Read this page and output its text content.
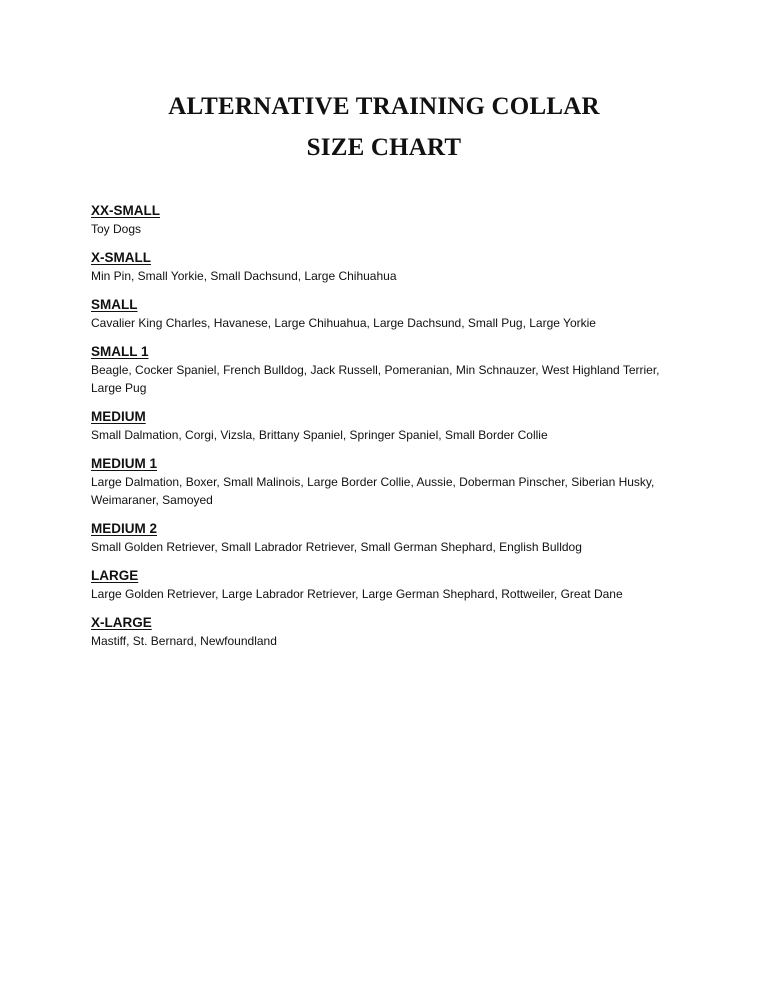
ALTERNATIVE TRAINING COLLAR
SIZE CHART
XX-SMALL
Toy Dogs
X-SMALL
Min Pin, Small Yorkie, Small Dachsund, Large Chihuahua
SMALL
Cavalier King Charles, Havanese, Large Chihuahua, Large Dachsund, Small Pug, Large Yorkie
SMALL 1
Beagle, Cocker Spaniel, French Bulldog, Jack Russell, Pomeranian, Min Schnauzer, West Highland Terrier, Large Pug
MEDIUM
Small Dalmation, Corgi, Vizsla, Brittany Spaniel, Springer Spaniel, Small Border Collie
MEDIUM 1
Large Dalmation, Boxer, Small Malinois, Large Border Collie, Aussie, Doberman Pinscher, Siberian Husky, Weimaraner, Samoyed
MEDIUM 2
Small Golden Retriever, Small Labrador Retriever, Small German Shephard, English Bulldog
LARGE
Large Golden Retriever, Large Labrador Retriever, Large German Shephard, Rottweiler, Great Dane
X-LARGE
Mastiff, St. Bernard, Newfoundland
